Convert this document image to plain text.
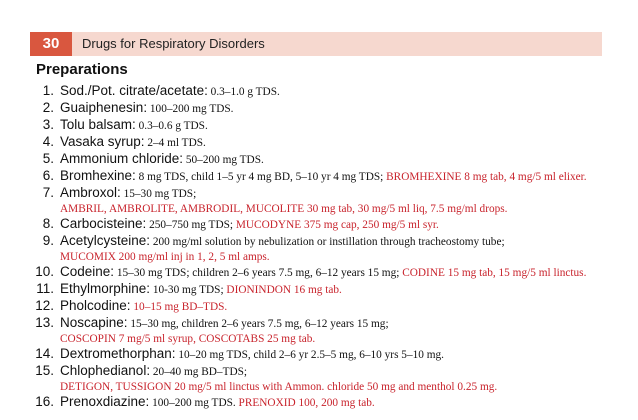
30	Drugs for Respiratory Disorders
Preparations
1. Sod./Pot. citrate/acetate: 0.3–1.0 g TDS.
2. Guaiphenesin: 100–200 mg TDS.
3. Tolu balsam: 0.3–0.6 g TDS.
4. Vasaka syrup: 2–4 ml TDS.
5. Ammonium chloride: 50–200 mg TDS.
6. Bromhexine: 8 mg TDS, child 1–5 yr 4 mg BD, 5–10 yr 4 mg TDS; BROMHEXINE 8 mg tab, 4 mg/5 ml elixer.
7. Ambroxol: 15–30 mg TDS;
AMBRIL, AMBROLITE, AMBRODIL, MUCOLITE 30 mg tab, 30 mg/5 ml liq, 7.5 mg/ml drops.
8. Carbocisteine: 250–750 mg TDS; MUCODYNE 375 mg cap, 250 mg/5 ml syr.
9. Acetylcysteine: 200 mg/ml solution by nebulization or instillation through tracheostomy tube;
MUCOMIX 200 mg/ml inj in 1, 2, 5 ml amps.
10. Codeine: 15–30 mg TDS; children 2–6 years 7.5 mg, 6–12 years 15 mg; CODINE 15 mg tab, 15 mg/5 ml linctus.
11. Ethylmorphine: 10-30 mg TDS; DIONINDON 16 mg tab.
12. Pholcodine: 10–15 mg BD–TDS.
13. Noscapine: 15–30 mg, children 2–6 years 7.5 mg, 6–12 years 15 mg;
COSCOPIN 7 mg/5 ml syrup, COSCOTABS 25 mg tab.
14. Dextromethorphan: 10–20 mg TDS, child 2–6 yr 2.5–5 mg, 6–10 yrs 5–10 mg.
15. Chlophedianol: 20–40 mg BD–TDS;
DETIGON, TUSSIGON 20 mg/5 ml linctus with Ammon. chloride 50 mg and menthol 0.25 mg.
16. Prenoxdiazine: 100–200 mg TDS. PRENOXID 100, 200 mg tab.
